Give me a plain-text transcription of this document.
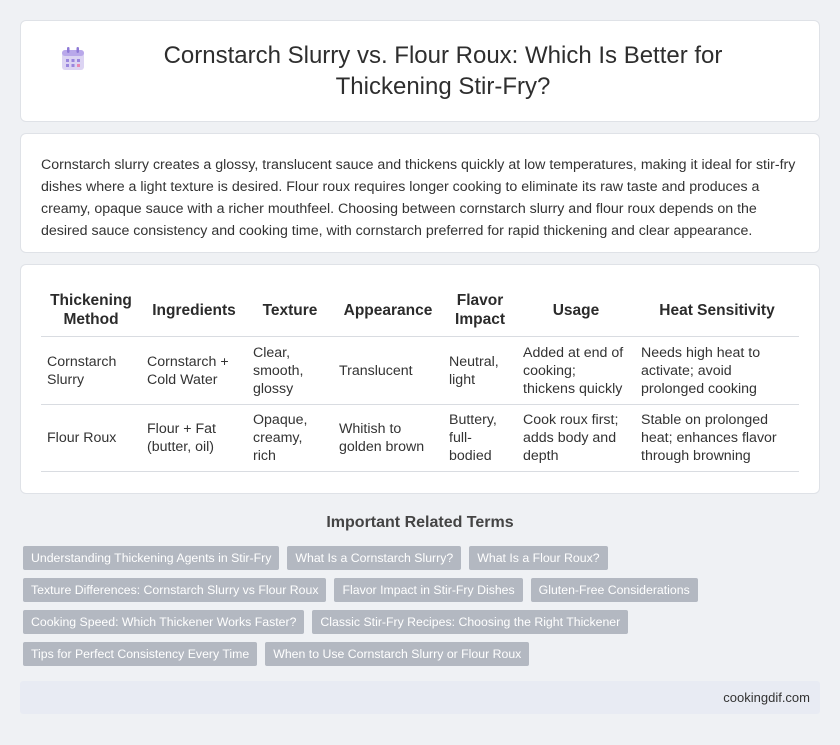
Cornstarch Slurry vs. Flour Roux: Which Is Better for Thickening Stir-Fry?

Cornstarch slurry creates a glossy, translucent sauce and thickens quickly at low temperatures, making it ideal for stir-fry dishes where a light texture is desired. Flour roux requires longer cooking to eliminate its raw taste and produces a creamy, opaque sauce with a richer mouthfeel. Choosing between cornstarch slurry and flour roux depends on the desired sauce consistency and cooking time, with cornstarch preferred for rapid thickening and clear appearance.

Thickening Method	Ingredients	Texture	Appearance	Flavor Impact	Usage	Heat Sensitivity
Cornstarch Slurry	Cornstarch + Cold Water	Clear, smooth, glossy	Translucent	Neutral, light	Added at end of cooking; thickens quickly	Needs high heat to activate; avoid prolonged cooking
Flour Roux	Flour + Fat (butter, oil)	Opaque, creamy, rich	Whitish to golden brown	Buttery, full-bodied	Cook roux first; adds body and depth	Stable on prolonged heat; enhances flavor through browning
Important Related Terms
Understanding Thickening Agents in Stir-Fry	What Is a Cornstarch Slurry?	What Is a Flour Roux?
Texture Differences: Cornstarch Slurry vs Flour Roux	Flavor Impact in Stir-Fry Dishes	Gluten-Free Considerations
Cooking Speed: Which Thickener Works Faster?	Classic Stir-Fry Recipes: Choosing the Right Thickener
Tips for Perfect Consistency Every Time	When to Use Cornstarch Slurry or Flour Roux
cookingdif.com
